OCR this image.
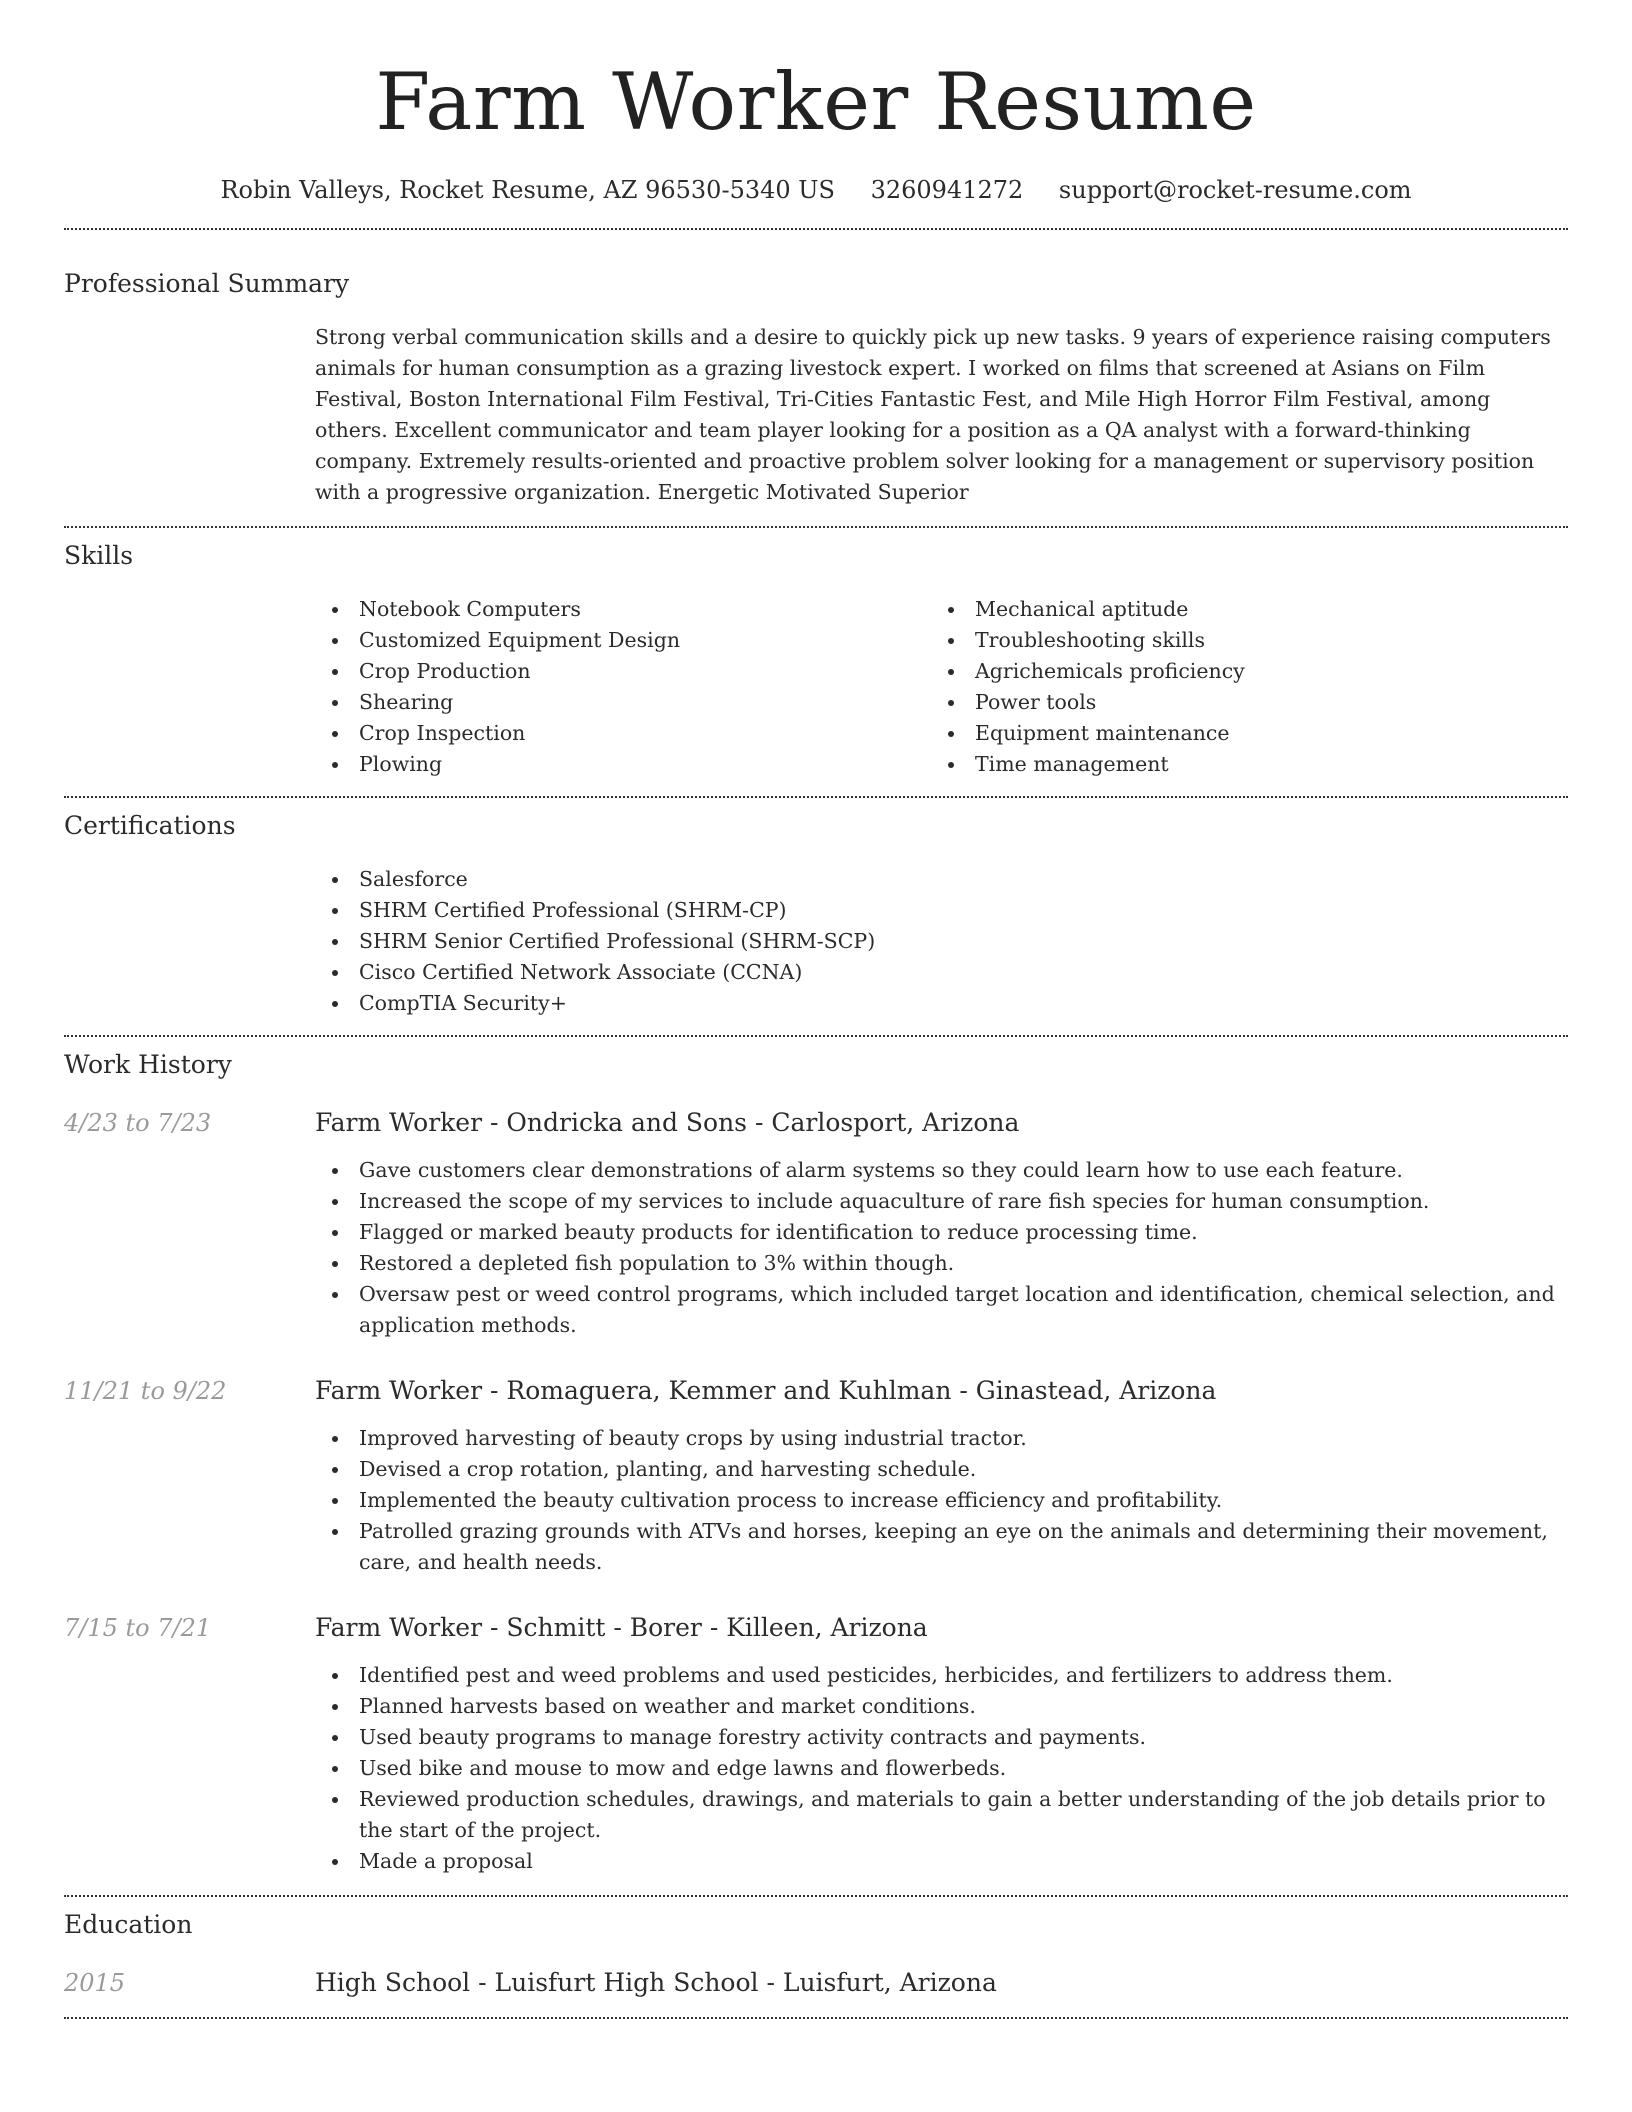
Farm Worker Resume
Robin Valleys, Rocket Resume, AZ 96530-5340 US 3260941272 support@rocket-resume.com
Professional Summary

Strong verbal communication skills and a desire to quickly pick up new tasks. 9 years of experience raising computers animals for human consumption as a grazing livestock expert. I worked on films that screened at Asians on Film Festival, Boston International Film Festival, Tri-Cities Fantastic Fest, and Mile High Horror Film Festival, among others. Excellent communicator and team player looking for a position as a QA analyst with a forward-thinking company. Extremely results-oriented and proactive problem solver looking for a management or supervisory position with a progressive organization. Energetic Motivated Superior

Skills
Notebook Computers
Customized Equipment Design
Crop Production
Shearing
Crop Inspection
Plowing
Mechanical aptitude
Troubleshooting skills
Agrichemicals proficiency
Power tools
Equipment maintenance
Time management
Certifications
Salesforce
SHRM Certified Professional (SHRM-CP)
SHRM Senior Certified Professional (SHRM-SCP)
Cisco Certified Network Associate (CCNA)
CompTIA Security+
Work History
4/23 to 7/23	Farm Worker - Ondricka and Sons - Carlosport, Arizona
Gave customers clear demonstrations of alarm systems so they could learn how to use each feature.
Increased the scope of my services to include aquaculture of rare fish species for human consumption.
Flagged or marked beauty products for identification to reduce processing time.
Restored a depleted fish population to 3% within though.
Oversaw pest or weed control programs, which included target location and identification, chemical selection, and application methods.
11/21 to 9/22	Farm Worker - Romaguera, Kemmer and Kuhlman - Ginastead, Arizona
Improved harvesting of beauty crops by using industrial tractor.
Devised a crop rotation, planting, and harvesting schedule.
Implemented the beauty cultivation process to increase efficiency and profitability.
Patrolled grazing grounds with ATVs and horses, keeping an eye on the animals and determining their movement, care, and health needs.
7/15 to 7/21	Farm Worker - Schmitt - Borer - Killeen, Arizona
Identified pest and weed problems and used pesticides, herbicides, and fertilizers to address them.
Planned harvests based on weather and market conditions.
Used beauty programs to manage forestry activity contracts and payments.
Used bike and mouse to mow and edge lawns and flowerbeds.
Reviewed production schedules, drawings, and materials to gain a better understanding of the job details prior to the start of the project.
Made a proposal
Education
2015	High School - Luisfurt High School - Luisfurt, Arizona
